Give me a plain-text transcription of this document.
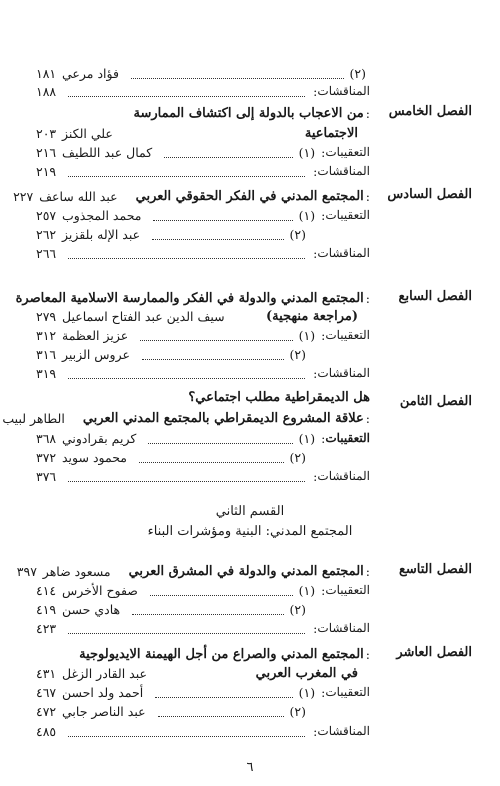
(٢)
فؤاد مرعي
١٨١
المناقشات
:
١٨٨
الفصل الخامس
:
من الاعجاب بالدولة إلى اكتشاف الممارسة
الاجتماعية
علي الكنز
٢٠٣
التعقيبات
:
(١)
كمال عبد اللطيف
٢١٦
المناقشات
:
٢١٩
الفصل السادس
:
المجتمع المدني في الفكر الحقوقي العربي
عبد الله ساعف
٢٢٧
التعقيبات
:
(١)
محمد المجذوب
٢٥٧
(٢)
عبد الإله بلقزيز
٢٦٢
المناقشات
:
٢٦٦
الفصل السابع
:
المجتمع المدني والدولة في الفكر والممارسة الاسلامية المعاصرة
(مراجعة منهجية)
سيف الدين عبد الفتاح اسماعيل
٢٧٩
التعقيبات
:
(١)
عزيز العظمة
٣١٢
(٢)
عروس الزبير
٣١٦
المناقشات
:
٣١٩
هل الديمقراطية مطلب اجتماعي؟ الفصل الثامن
:
علاقة المشروع الديمقراطي بالمجتمع المدني العربي
الطاهر لبيب
التعقيبات
:
(١)
كريم بقرادوني
٣٦٨
(٢)
محمود سويد
٣٧٢
المناقشات
:
٣٧٦
القسم الثاني
المجتمع المدني: البنية ومؤشرات البناء
الفصل التاسع
:
المجتمع المدني والدولة في المشرق العربي
مسعود ضاهر
٣٩٧
التعقيبات
:
(١)
صفوح الأخرس
٤١٤
(٢)
هادي حسن
٤١٩
المناقشات
:
٤٢٣
الفصل العاشر
:
المجتمع المدني والصراع من أجل الهيمنة الايديولوجية
في المغرب العربي
عبد القادر الزغل
٤٣١
التعقيبات
:
(١)
أحمد ولد احسن
٤٦٧
(٢)
عبد الناصر جابي
٤٧٢
المناقشات
:
٤٨٥
٦
